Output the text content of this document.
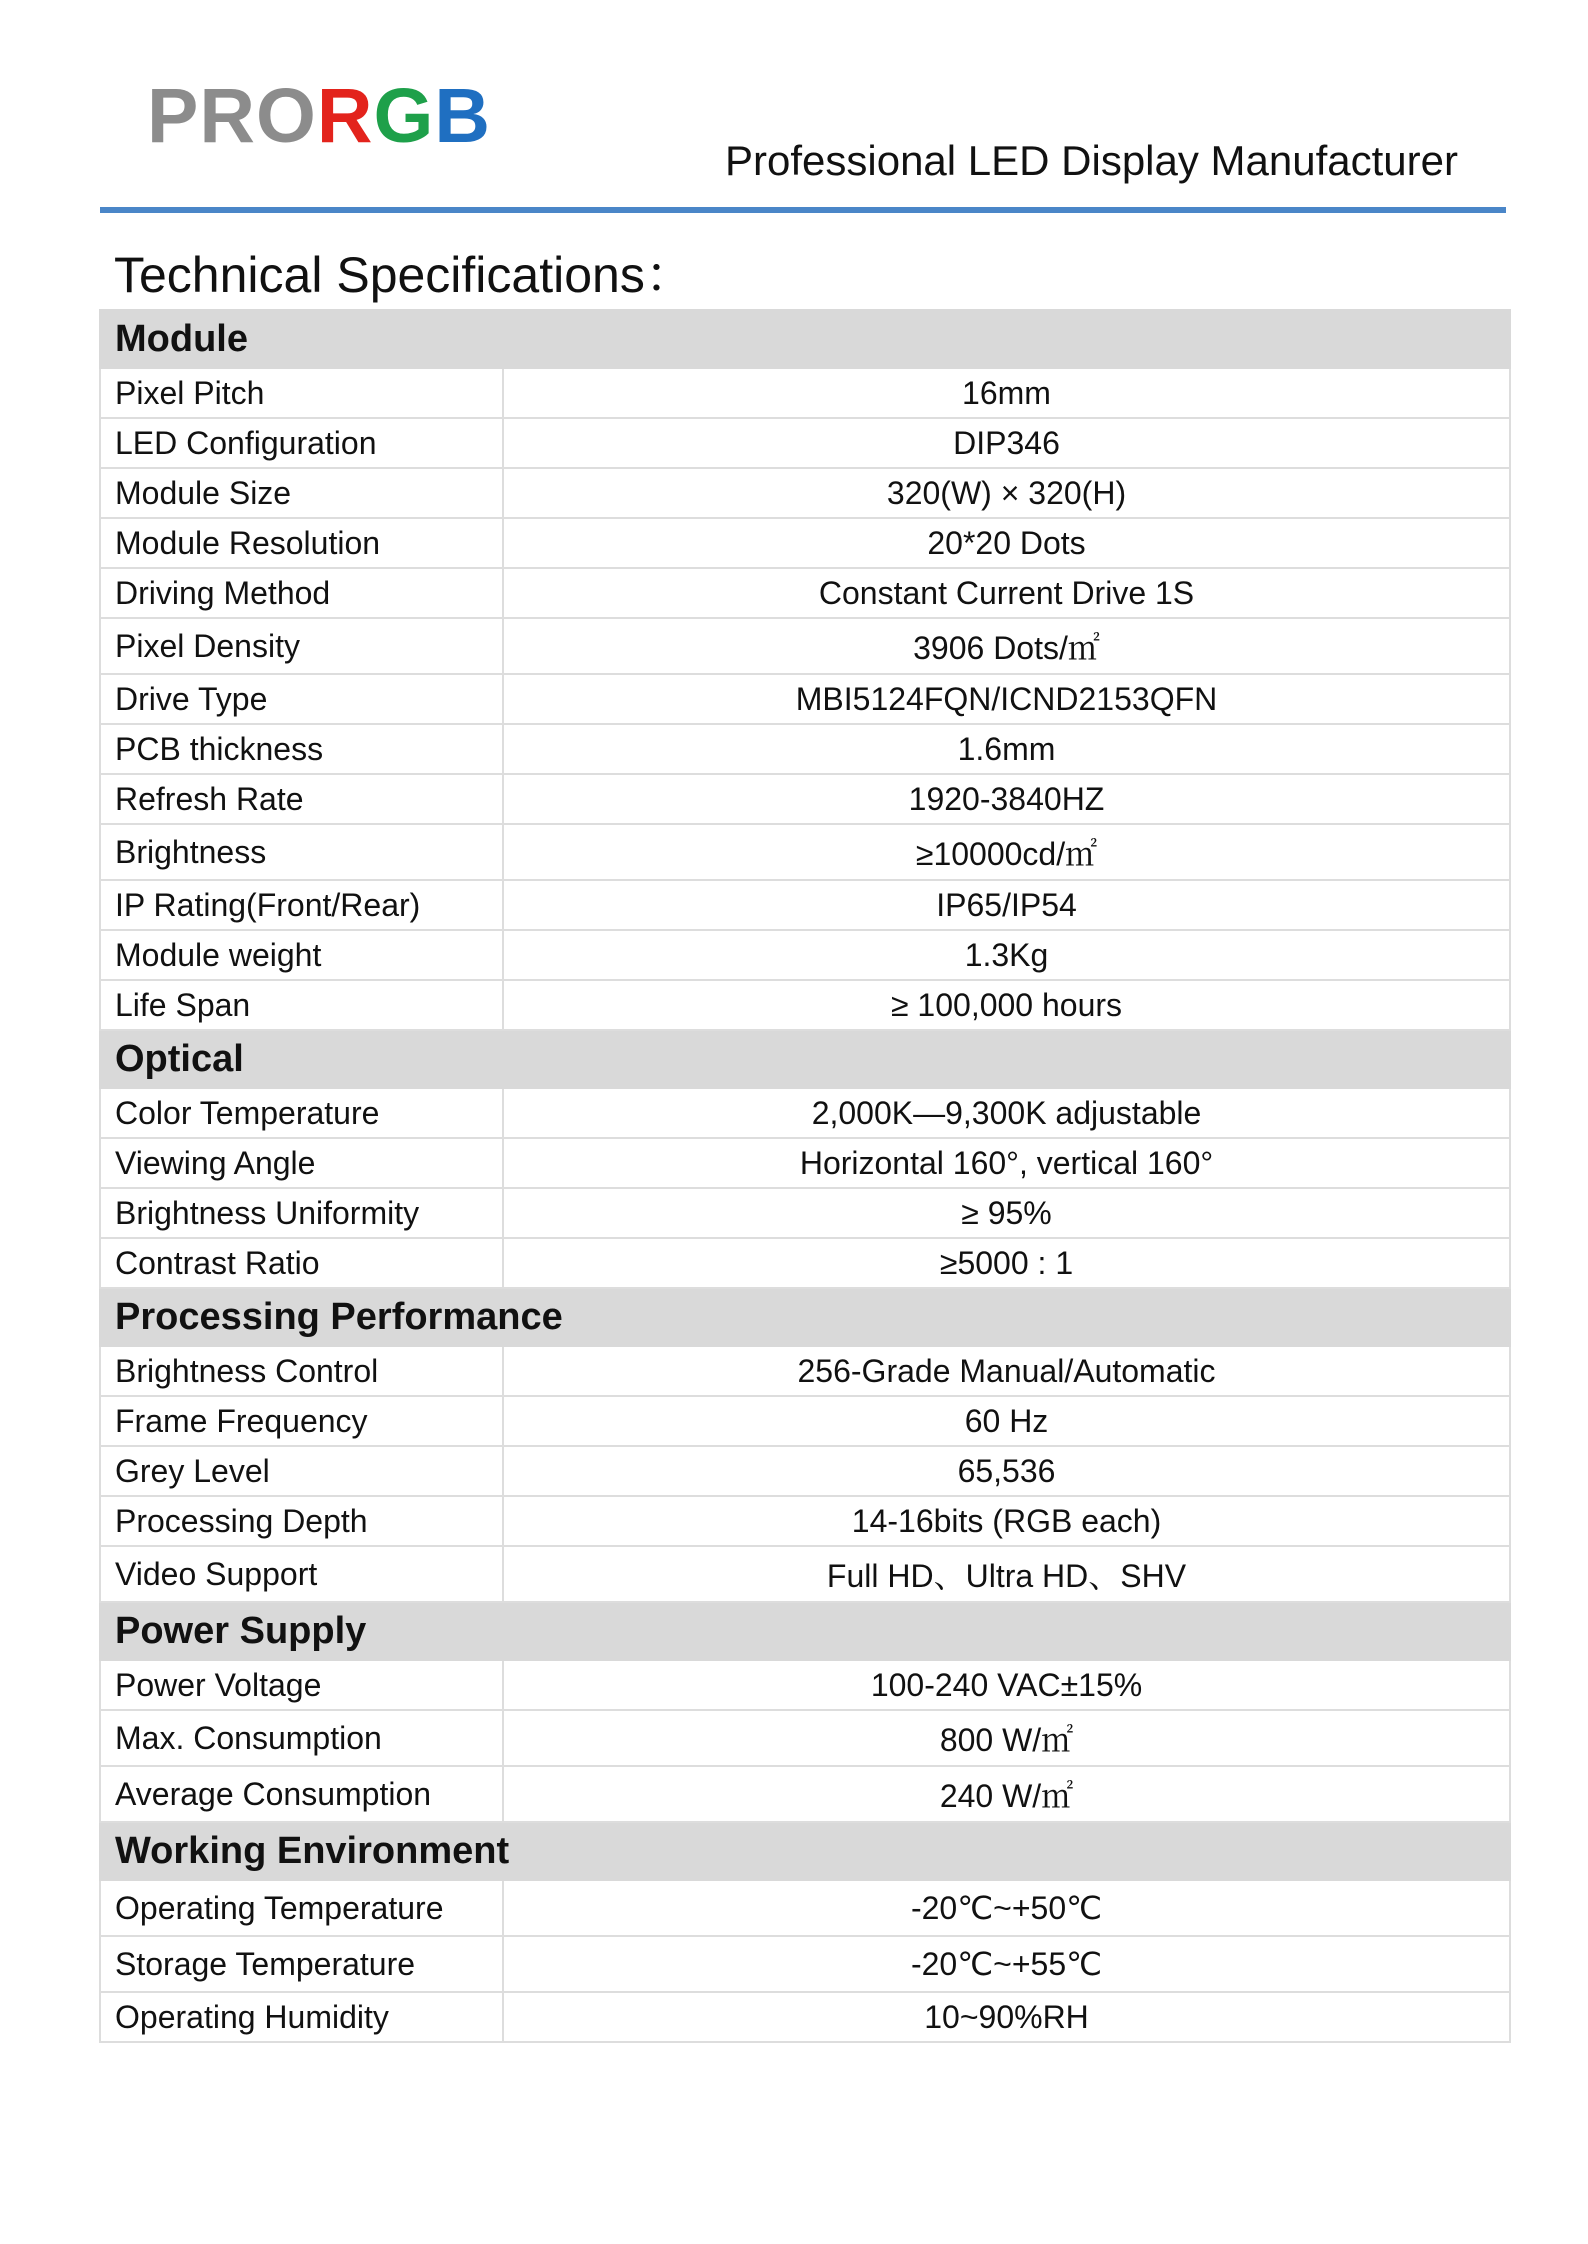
PRORGB
Professional LED Display Manufacturer
Technical Specifications：
Module	
Pixel Pitch	16mm
LED Configuration	DIP346
Module Size	320(W) × 320(H)
Module Resolution	20*20 Dots
Driving Method	Constant Current Drive 1S
Pixel Density	3906 Dots/㎡
Drive Type	MBI5124FQN/ICND2153QFN
PCB thickness	1.6mm
Refresh Rate	1920-3840HZ
Brightness	≥10000cd/㎡
IP Rating(Front/Rear)	IP65/IP54
Module weight	1.3Kg
Life Span	≥ 100,000 hours
Optical	
Color Temperature	2,000K—9,300K adjustable
Viewing Angle	Horizontal 160°, vertical 160°
Brightness Uniformity	≥ 95%
Contrast Ratio	≥5000 : 1
Processing Performance	
Brightness Control	256-Grade Manual/Automatic
Frame Frequency	60 Hz
Grey Level	65,536
Processing Depth	14-16bits (RGB each)
Video Support	Full HD、Ultra HD、SHV
Power Supply	
Power Voltage	100-240 VAC±15%
Max. Consumption	800 W/㎡
Average Consumption	240 W/㎡
Working Environment	
Operating Temperature	-20℃~+50℃
Storage Temperature	-20℃~+55℃
Operating Humidity	10~90%RH
